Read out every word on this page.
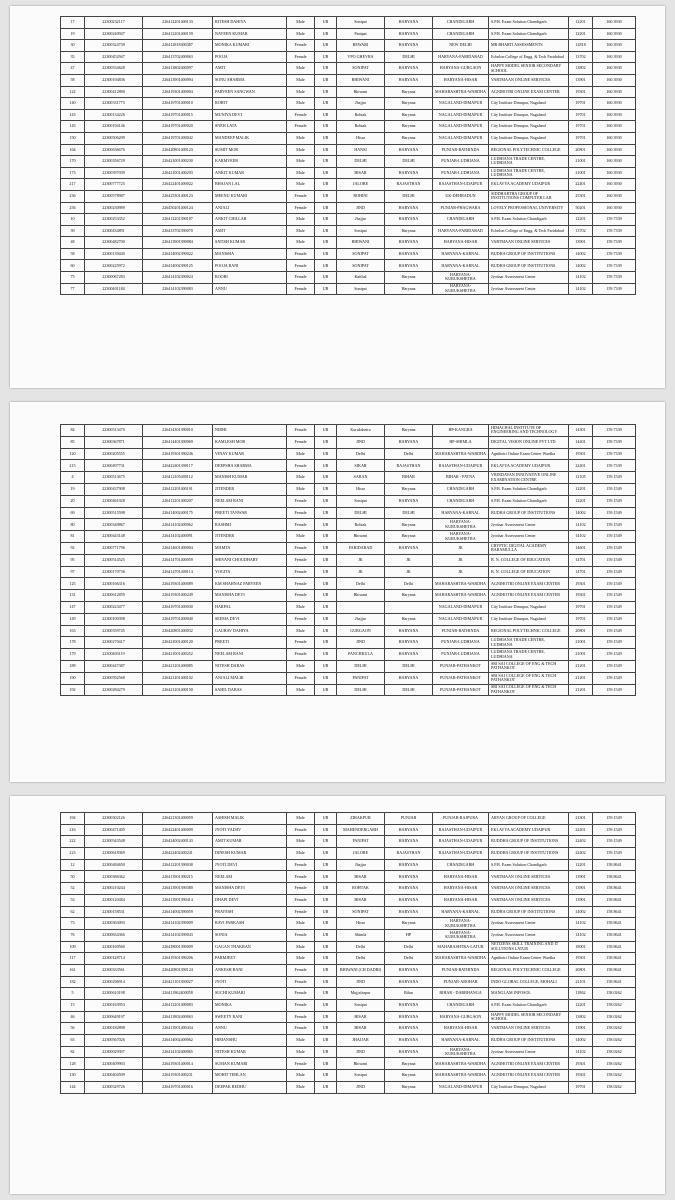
17	22300232117	226412201400133	RITESH DAHIYA	Male	UR	Sonipat	HARYANA	CHANDIGARH	S.P.R. Exam Solution Chandigarh	12201	160.3930
19	22300240947	226412201400159	NAVEEN KUMAR	Male	UR	Panipat	HARYANA	CHANDIGARH	S.P.R. Exam Solution Chandigarh	12201	160.3930
30	22300324739	226412818400387	MONIKA KUMARI	Female	UR	REWARI	HARYANA	NEW DELHI	MR BHARTI ASSESSMENTS	12818	160.3930
35	22300452947	226413702400063	POOJA	Female	UR	VPO GHEVRA	DELHI	HARYANA-FARIDABAD	Echelon College of Engg. & Tech Faridabad	13702	160.3930
47	22300534628	226413802400097	AMIT	Male	UR	SONIPAT	HARYANA	HARYANA-GURGAON	HAPPY MODEL SENIOR SECONDARY SCHOOL	13802	160.3930
58	22300194836	226413901400094	SONU SHARMA	Male	UR	BHIWANI	HARYANA	HARYANA-HISAR	VARTMAAN ONLINE SERVICES	13901	160.3930
122	22300412880	226419301400004	PARVEEN SANGWAN	Male	UR	Bhiwani	Haryana	MAHARASHTRA-WARDHA	AGNIBOTRI ONLINE EXAM CENTER	19301	160.3930
140	22300331775	226419701400010	ROHIT	Male	UR	Jhajjar	Haryana	NAGALAND-DIMAPUR	City Institute Dimapur, Nagaland	19701	160.3930
143	22300134226	226419701400015	MUNIYA DEVI	Female	UR	Rohtak	Haryana	NAGALAND-DIMAPUR	City Institute Dimapur, Nagaland	19701	160.3930
145	22300194146	226419701400020	SNEH LATA	Female	UR	Rohtak	Haryana	NAGALAND-DIMAPUR	City Institute Dimapur, Nagaland	19701	160.3930
150	22300506209	226419701400042	MANDEEP MALIK	Male	UR	Hisar	Haryana	NAGALAND-DIMAPUR	City Institute Dimapur, Nagaland	19701	160.3930
164	22300636676	226420801400123	SUMIT MOR	Male	UR	HANSI	HARYANA	PUNJAB-BATHINDA	REGIONAL POLYTECHNIC COLLEGE	20801	160.3930
170	22300356729	226421001400230	KARMVEER	Male	UR	DELHI	DELHI	PUNJAB-LUDHIANA	LUDHIANA TRADE CENTRE, LUDHIANA	21001	160.3930
173	22300397039	226421001400293	ANKIT KUMAR	Male	UR	HISAR	HARYANA	PUNJAB-LUDHIANA	LUDHIANA TRADE CENTRE, LUDHIANA	21001	160.3930
217	22300777725	226422401400022	BHAJAN LAL	Male	UR	JALORE	RAJASTHAN	RAJASTHAN-UDAIPUR	EKLAVYA ACADEMY UDAIPUR	22401	160.3930
236	22300578987	226425301400123	MEENU KUMARI	Female	UR	ROHINI	DELHI	UK-DEHRADUN	SIDDHARTHA GROUP OF INSTITUTIONS COMPUTER LAB	25301	160.3930
256	22300230989	226450201400124	ANJALI	Female	UR	JIND	HARYANA	PUNJAB-PHAGWARA	LOVELY PROFESSIONAL UNIVERSITY	50201	160.3930
10	22300253352	226412201390187	ANKIT CHILLAR	Male	UR	Jhajjar	HARYANA	CHANDIGARH	S.P.R. Exam Solution Chandigarh	12201	159.7339
39	22300434891	226413702390070	AMIT	Male	UR	Sonipat	Haryana	HARYANA-FARIDABAD	Echelon College of Engg. & Tech Faridabad	13702	159.7339
48	22300482700	226413901390084	SATISH KUMAR	Male	UR	BHIWANI	HARYANA	HARYANA-HISAR	VARTMAAN ONLINE SERVICES	13901	159.7339
58	22300139440	226414002390022	MANISHA	Female	UR	SONIPAT	HARYANA	HARYANA-KARNAL	BUDHA GROUP OF INSTITUTIONS	14002	159.7339
60	22300225972	226414002390125	POOJA RANI	Female	UR	SONIPAT	HARYANA	HARYANA-KARNAL	BUDHA GROUP OF INSTITUTIONS	14002	159.7339
75	22300067283	226414102390024	ROOBI	Female	UR	Kaithal	Haryana	HARYANA-KURUKSHETRA	Jyotisar Assessment Center	14102	159.7339
77	22300401184	226414102390083	ANNU	Female	UR	Sonipat	Haryana	HARYANA-KURUKSHETRA	Jyotisar Assessment Center	14102	159.7339
84	22300513470	226414301390010	NIDHI	Female	UR	Kurukshetra	Haryana	HP-KANGRA	HIMACHAL INSTITUTE OF ENGINEERING AND TECHNOLOGY	14301	159.7339
85	22300367871	226414401390069	KAMLESH MOR	Female	UR	JIND	HARYANA	HP-SHIMLA	DIGITAL VISION ONLINE PVT LTD	14401	159.7339
120	22300205555	226419301390246	VINAY KUMAR	Male	UR	Delhi	Delhi	MAHARASHTRA-WARDHA	Agnihotri Online Exam Center Wardha	19301	159.7339
215	22300497731	226422401390117	DEEPSHA SHARMA	Female	UR	SIKAR	RAJASTHAN	RAJASTHAN-UDAIPUR	EKLAVYA ACADEMY UDAIPUR	22401	159.7339
4	22300513675	226412105400112	MANISH KUMAR	Male	UR	SARAN	BIHAR	BIHAR - PATNA	VRINDAVAN INNOVATIVE ONLINE EXAMINATION CENTRE	12105	159.1549
19	22300437908	226412201400191	JITENDER	Male	UR	Hisar	Haryana	CHANDIGARH	S.P.R. Exam Solution Chandigarh	12201	159.1549
20	22300461928	226412201400207	NEELAM RANI	Female	UR	Sonipat	HARYANA	CHANDIGARH	S.P.R. Exam Solution Chandigarh	12201	159.1549
69	22300515598	226414002400175	PREETI TANWAR	Female	UR	DELHI	DELHI	HARYANA-KARNAL	BUDHA GROUP OF INSTITUTIONS	14002	159.1549
80	22300349867	226414102400062	RASHMI	Female	UR	Rohtak	Haryana	HARYANA-KURUKSHETRA	Jyotisar Assessment Center	14102	159.1549
81	22300443148	226414102400091	JITENDER	Male	UR	Bhiwani	Haryana	HARYANA-KURUKSHETRA	Jyotisar Assessment Center	14102	159.1549
92	22300771796	226414601400004	MAMTA	Female	UR	FARIDABAD	HARYANA	JK	CRYPTIC DIGITAL ACADEMY BARAMULLA	14601	159.1549
95	22300514525	226414701400059	SHIVANI CHOUDHARY	Female	UR	JK	JK	JK	B. N. COLLEGE OF EDUCATION	14701	159.1549
97	22300170736	226414701400114	YOGITA	Female	UR	JK	JK	JK	B. N. COLLEGE OF EDUCATION	14701	159.1549
125	22300166316	226419301400089	KM SHAHNAZ PARVEEN	Female	UR	Delhi	Delhi	MAHARASHTRA-WARDHA	AGNIHOTRI ONLINE EXAM CENTER	19301	159.1549
131	22300612859	226419301400249	MANISHA DEVI	Female	UR	Bhiwani	Haryana	MAHARASHTRA-WARDHA	AGNIHOTRI ONLINE EXAM CENTER	19301	159.1549
147	22300223477	226419701400030	HARPAL	Male	UR			NAGALAND-DIMAPUR	City Institute Dimapur, Nagaland	19701	159.1549
149	22300100398	226419701400040	SEEMA DEVI	Female	UR	Jhajjar	Haryana	NAGALAND-DIMAPUR	City Institute Dimapur, Nagaland	19701	159.1549
163	22300359745	226420801400032	GAURAV DAHIYA	Male	UR	GURGAON	HARYANA	PUNJAB-BATHINDA	REGIONAL POLYTECHNIC COLLEGE	20801	159.1549
178	22300270417	226421001400120	PREETI	Female	UR	JIND	HARYANA	PUNJAB-LUDHIANA	LUDHIANA TRADE CENTRE, LUDHIANA	21001	159.1549
179	22300403119	226421001400252	NEELAM RANI	Female	UR	PANCHKULA	HARYANA	PUNJAB-LUDHIANA	LUDHIANA TRADE CENTRE, LUDHIANA	21001	159.1549
188	22300447387	226421201400085	NITESH DABAS	Male	UR	DELHI	DELHI	PUNJAB-PATHANKOT	SRI SAI COLLEGE OF ENG & TECH PATHANKOT	21201	159.1549
190	22300592568	226421201400102	ANJALI MALIK	Female	UR	PANIPAT	HARYANA	PUNJAB-PATHANKOT	SRI SAI COLLEGE OF ENG & TECH PATHANKOT	21201	159.1549
192	22300284279	226421201400150	SAHIL DABAS	Male	UR	DELHI	DELHI	PUNJAB-PATHANKOT	SRI SAI COLLEGE OF ENG & TECH PATHANKOT	21201	159.1549
194	22300302126	226421301400059	ASHISH MALIK	Male	UR	ZIRAKPUR	PUNJAB	PUNJAB-RAJPURA	ARYAN GROUP OF COLLEGE	21301	159.1549
216	22300471405	226422401400009	JYOTI YADAV	Female	UR	MAHENDERGARH	HARYANA	RAJASTHAN-UDAIPUR	EKLAVYA ACADEMY UDAIPUR	22401	159.1549
222	22300543548	226424002400143	AMIT KUMAR	Male	UR	PANIPAT	HARYANA	RAJASTHAN-UDAIPUR	BUDDHA GROUP OF INSTITUTIONS	22402	159.1549
223	22300618369	226422402400241	DINESH KUMAR	Male	UR	JALORE	RAJASTHAN	RAJASTHAN-UDAIPUR	BUDDHA GROUP OF INSTITUTIONS	22402	159.1549
12	22300484650	226412201390038	JYOTI DEVI	Female	UR	Jhajjar	HARYANA	CHANDIGARH	S.P.R. Exam Solution Chandigarh	12201	158.8641
50	22300386362	226413901390215	NEELAM	Female	UR	HISAR	HARYANA	HARYANA-HISAR	VARTMAAN ONLINE SERVICES	13901	158.8641
52	22300210244	226413901390380	MANISHA DEVI	Female	UR	ROHTAK	HARYANA	HARYANA-HISAR	VARTMAAN ONLINE SERVICES	13901	158.8641
53	22300120484	226413901390414	DHAPI DEVI	Female	UR	HISAR	HARYANA	HARYANA-HISAR	VARTMAAN ONLINE SERVICES	13901	158.8641
62	22300158531	226414002390059	PRAVESH	Female	UR	SONIPAT	HARYANA	HARYANA-KARNAL	BUDHA GROUP OF INSTITUTIONS	14002	158.8641
73	22300363093	226414102390009	RAVI PARKASH	Male	UR	Hisar	Haryana	HARYANA-KURUKSHETRA	Jyotisar Assessment Center	14102	158.8641
76	22300634366	226414102390043	SONIA	Female	UR	Shimla	HP	HARYANA-KURUKSHETRA	Jyotisar Assessment Center	14102	158.8641
109	22300169560	226418001390009	GAGAN THAKRAN	Male	UR	Delhi	Delhi	MAHARASHTRA-LATUR	NETIZENS SKILL TRAINING AND IT SOLUTIONS LATUR	18001	158.8641
117	22300128714	226419301390206	PARMJEET	Male	UR	Delhi	Delhi	MAHARASHTRA-WARDHA	Agnihotri Online Exam Center Wardha	19301	158.8641
161	22300333561	226420801390124	ANKESH RANI	Female	UR	BHIWANI (CH DADRI)	HARYANA	PUNJAB-BATHINDA	REGIONAL POLYTECHNIC COLLEGE	20801	158.8641
182	22300296914	226421101390027	JYOTI	Female	UR	JIND	HARYANA	PUNJAB-ABOHAR	INDO GLOBAL COLLEGE, MOHALI	21101	158.8641
5	22300610198	226411862400058	SUCHI KUMARI	Female	UR	Mujjafarpur	Bihar	BIHAR - DARBHANGA	MANGLAM INFOSOL	11862	158.0262
15	22300163953	226412201400083	MONIKA	Female	UR	Sonipat	HARYANA	CHANDIGARH	S.P.R. Exam Solution Chandigarh	12201	158.0262
46	22300649197	226413802400063	SWEETY RANI	Female	UR	HISAR	HARYANA	HARYANA-GURGAON	HAPPY MODEL SENIOR SECONDARY SCHOOL	13802	158.0262
56	22300182898	226413901400434	ANNU	Female	UR	HISAR	HARYANA	HARYANA-HISAR	VARTMAAN ONLINE SERVICES	13901	158.0262
63	22300567026	226414002400062	HIMANSHU	Male	UR	JHAJJAR	HARYANA	HARYANA-KARNAL	BUDHA GROUP OF INSTITUTIONS	14002	158.0262
82	22300029397	226414102400065	NITESH KUMAR	Male	UR	JIND	HARYANA	HARYANA-KURUKSHETRA	Jyotisar Assessment Center	14102	158.0262
128	22300409903	226419301400014	SUMAN KUMARI	Female	UR	Bhiwani	Haryana	MAHARASHTRA-WARDHA	AGNIHOTRI ONLINE EXAM CENTER	19301	158.0262
130	22300404509	226419301400231	MOHIT TEHLAN	Male	UR	Sonipat	Haryana	MAHARASHTRA-WARDHA	AGNIHOTRI ONLINE EXAM CENTER	19301	158.0262
144	22300329726	226419701400016	DEEPAK REDHU	Male	UR	JIND	Haryana	NAGALAND-DIMAPUR	City Institute Dimapur, Nagaland	19701	158.0262
